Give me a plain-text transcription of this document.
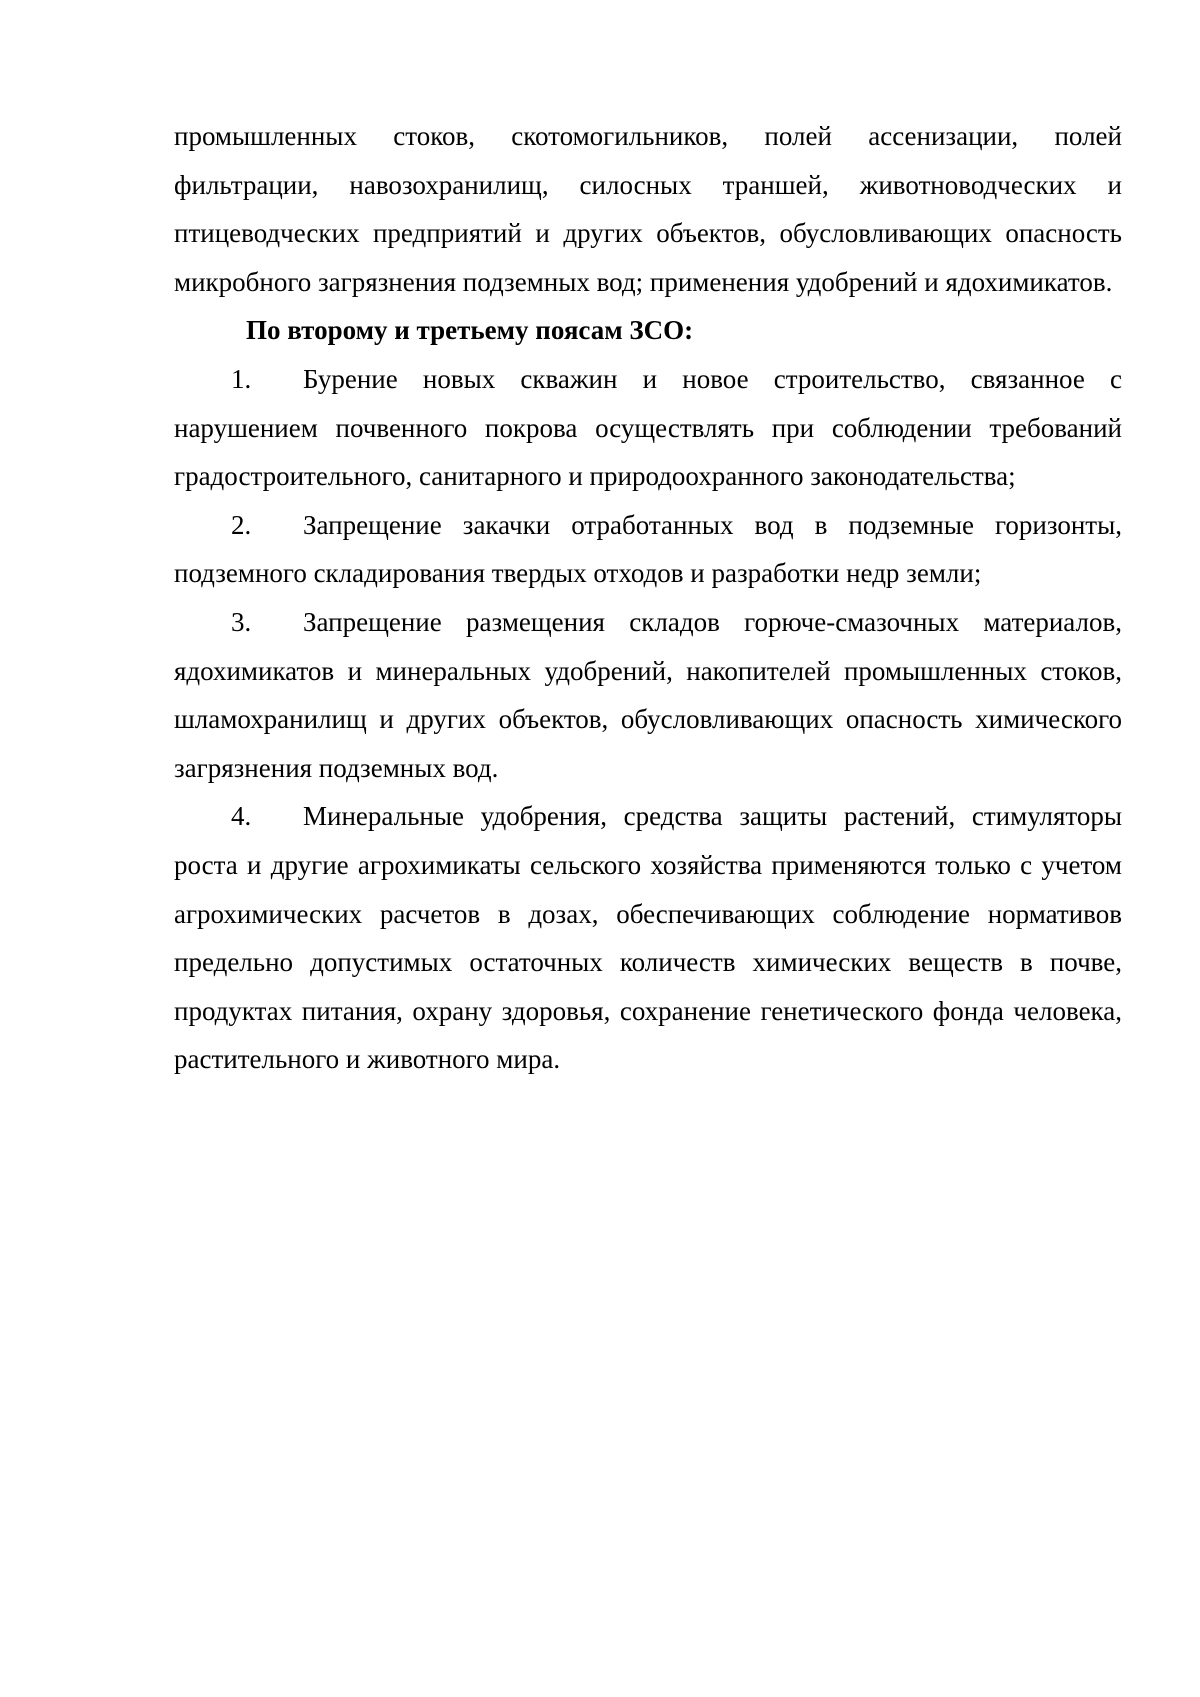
промышленных стоков, скотомогильников, полей ассенизации, полей фильтрации, навозохранилищ, силосных траншей, животноводческих и птицеводческих предприятий и других объектов, обусловливающих опасность микробного загрязнения подземных вод; применения удобрений и ядохимикатов.

По второму и третьему поясам ЗСО:

1. Бурение новых скважин и новое строительство, связанное с нарушением почвенного покрова осуществлять при соблюдении требований градостроительного, санитарного и природоохранного законодательства;

2. Запрещение закачки отработанных вод в подземные горизонты, подземного складирования твердых отходов и разработки недр земли;

3. Запрещение размещения складов горюче-смазочных материалов, ядохимикатов и минеральных удобрений, накопителей промышленных стоков, шламохранилищ и других объектов, обусловливающих опасность химического загрязнения подземных вод.

4. Минеральные удобрения, средства защиты растений, стимуляторы роста и другие агрохимикаты сельского хозяйства применяются только с учетом агрохимических расчетов в дозах, обеспечивающих соблюдение нормативов предельно допустимых остаточных количеств химических веществ в почве, продуктах питания, охрану здоровья, сохранение генетического фонда человека, растительного и животного мира.
